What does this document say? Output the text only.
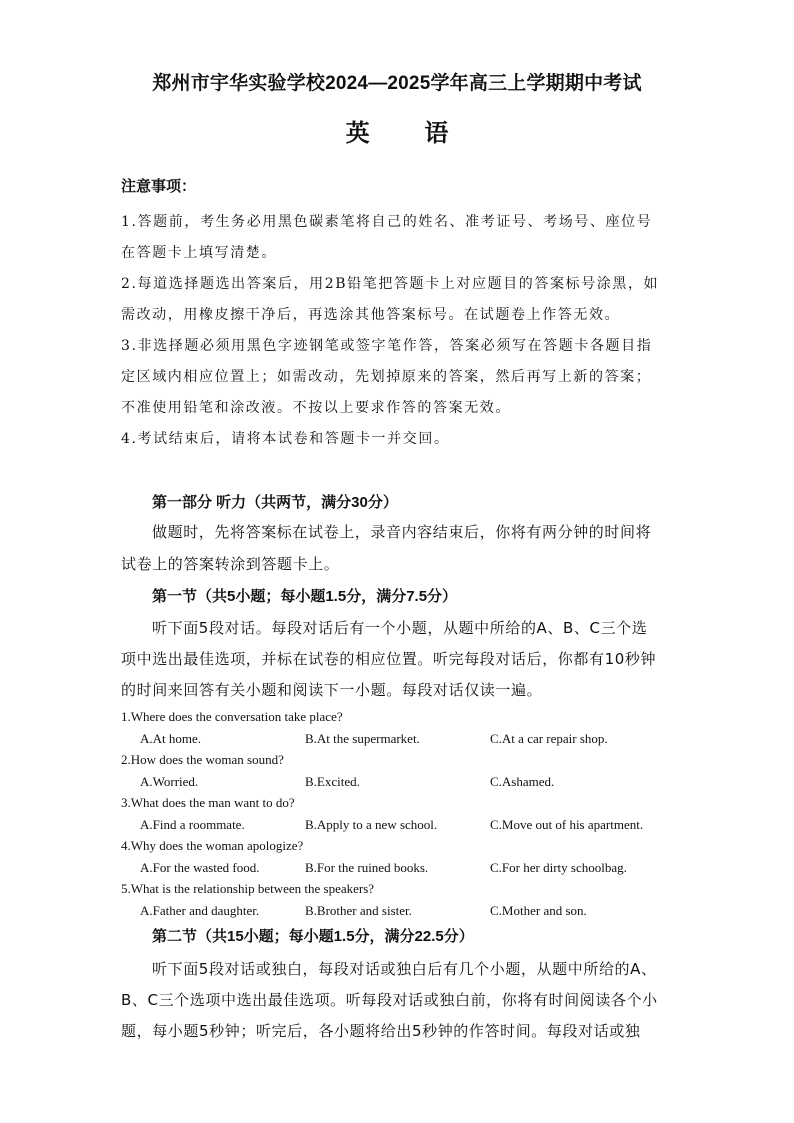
郑州市宇华实验学校2024—2025学年高三上学期期中考试
英 语
注意事项：
1.答题前，考生务必用黑色碳素笔将自己的姓名、准考证号、考场号、座位号
在答题卡上填写清楚。
2.每道选择题选出答案后，用2B铅笔把答题卡上对应题目的答案标号涂黑，如
需改动，用橡皮擦干净后，再选涂其他答案标号。在试题卷上作答无效。
3.非选择题必须用黑色字迹钢笔或签字笔作答，答案必须写在答题卡各题目指
定区域内相应位置上；如需改动，先划掉原来的答案，然后再写上新的答案；
不准使用铅笔和涂改液。不按以上要求作答的答案无效。
4.考试结束后，请将本试卷和答题卡一并交回。
第一部分 听力（共两节，满分30分）
做题时，先将答案标在试卷上，录音内容结束后，你将有两分钟的时间将
试卷上的答案转涂到答题卡上。
第一节（共5小题；每小题1.5分，满分7.5分）
听下面5段对话。每段对话后有一个小题，从题中所给的A、B、C三个选
项中选出最佳选项，并标在试卷的相应位置。听完每段对话后，你都有10秒钟
的时间来回答有关小题和阅读下一小题。每段对话仅读一遍。
1.Where does the conversation take place?
A.At home.	B.At the supermarket.	C.At a car repair shop.
2.How does the woman sound?
A.Worried.	B.Excited.	C.Ashamed.
3.What does the man want to do?
A.Find a roommate.	B.Apply to a new school.	C.Move out of his apartment.
4.Why does the woman apologize?
A.For the wasted food.	B.For the ruined books.	C.For her dirty schoolbag.
5.What is the relationship between the speakers?
A.Father and daughter.	B.Brother and sister.	C.Mother and son.
第二节（共15小题；每小题1.5分，满分22.5分）
听下面5段对话或独白，每段对话或独白后有几个小题，从题中所给的A、
B、C三个选项中选出最佳选项。听每段对话或独白前，你将有时间阅读各个小
题，每小题5秒钟；听完后，各小题将给出5秒钟的作答时间。每段对话或独
